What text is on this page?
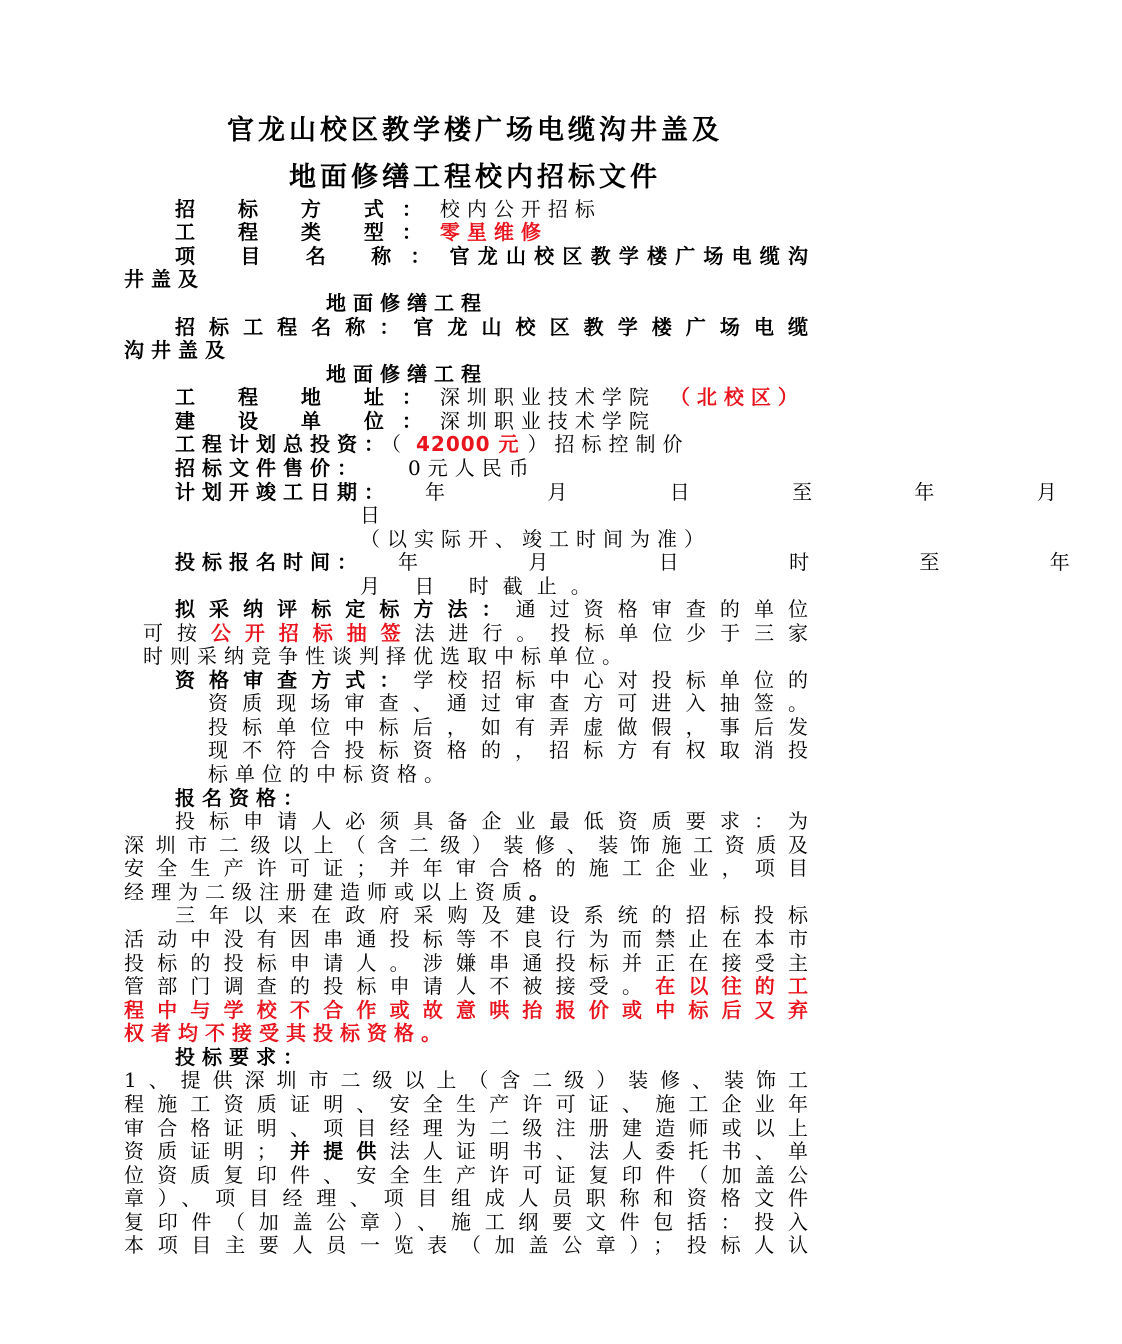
官龙山校区教学楼广场电缆沟井盖及
地面修缮工程校内招标文件
招 标 方 式：校内公开招标
工 程 类 型：零星维修
项 目 名 称：官龙山校区教学楼广场电缆沟
井盖及
地面修缮工程
招标工程名称：官龙山校区教学楼广场电缆
沟井盖及
地面修缮工程
工 程 地 址：深圳职业技术学院 （北校区）
建 设 单 位：深圳职业技术学院
工程计划总投资：（ 42000 元 ）招标控制价
招标文件售价： 0元人民币
计划开竣工日期： 年 月 日 至 年 月
日
（以实际开、竣工时间为准）
投标报名时间： 年 月 日 时 至 年
月 日 时截止。
拟采纳评标定标方法：通过资格审查的单位
可按公开招标抽签法进行。投标单位少于三家
时则采纳竞争性谈判择优选取中标单位。
资格审查方式：学校招标中心对投标单位的
资质现场审查、通过审查方可进入抽签。
投标单位中标后，如有弄虚做假，事后发
现不符合投标资格的，招标方有权取消投
标单位的中标资格。
报名资格：
投标申请人必须具备企业最低资质要求：为
深圳市二级以上（含二级）装修、装饰施工资质及
安全生产许可证；并年审合格的施工企业，项目
经理为二级注册建造师或以上资质。
三年以来在政府采购及建设系统的招标投标
活动中没有因串通投标等不良行为而禁止在本市
投标的投标申请人。涉嫌串通投标并正在接受主
管部门调查的投标申请人不被接受。在以往的工
程中与学校不合作或故意哄抬报价或中标后又弃
权者均不接受其投标资格。
投标要求：
1、提供深圳市二级以上（含二级）装修、装饰工
程施工资质证明、安全生产许可证、施工企业年
审合格证明、项目经理为二级注册建造师或以上
资质证明；并提供法人证明书、法人委托书、单
位资质复印件、安全生产许可证复印件（加盖公
章）、项目经理、项目组成人员职称和资格文件
复印件（加盖公章）、施工纲要文件包括：投入
本项目主要人员一览表（加盖公章）；投标人认
